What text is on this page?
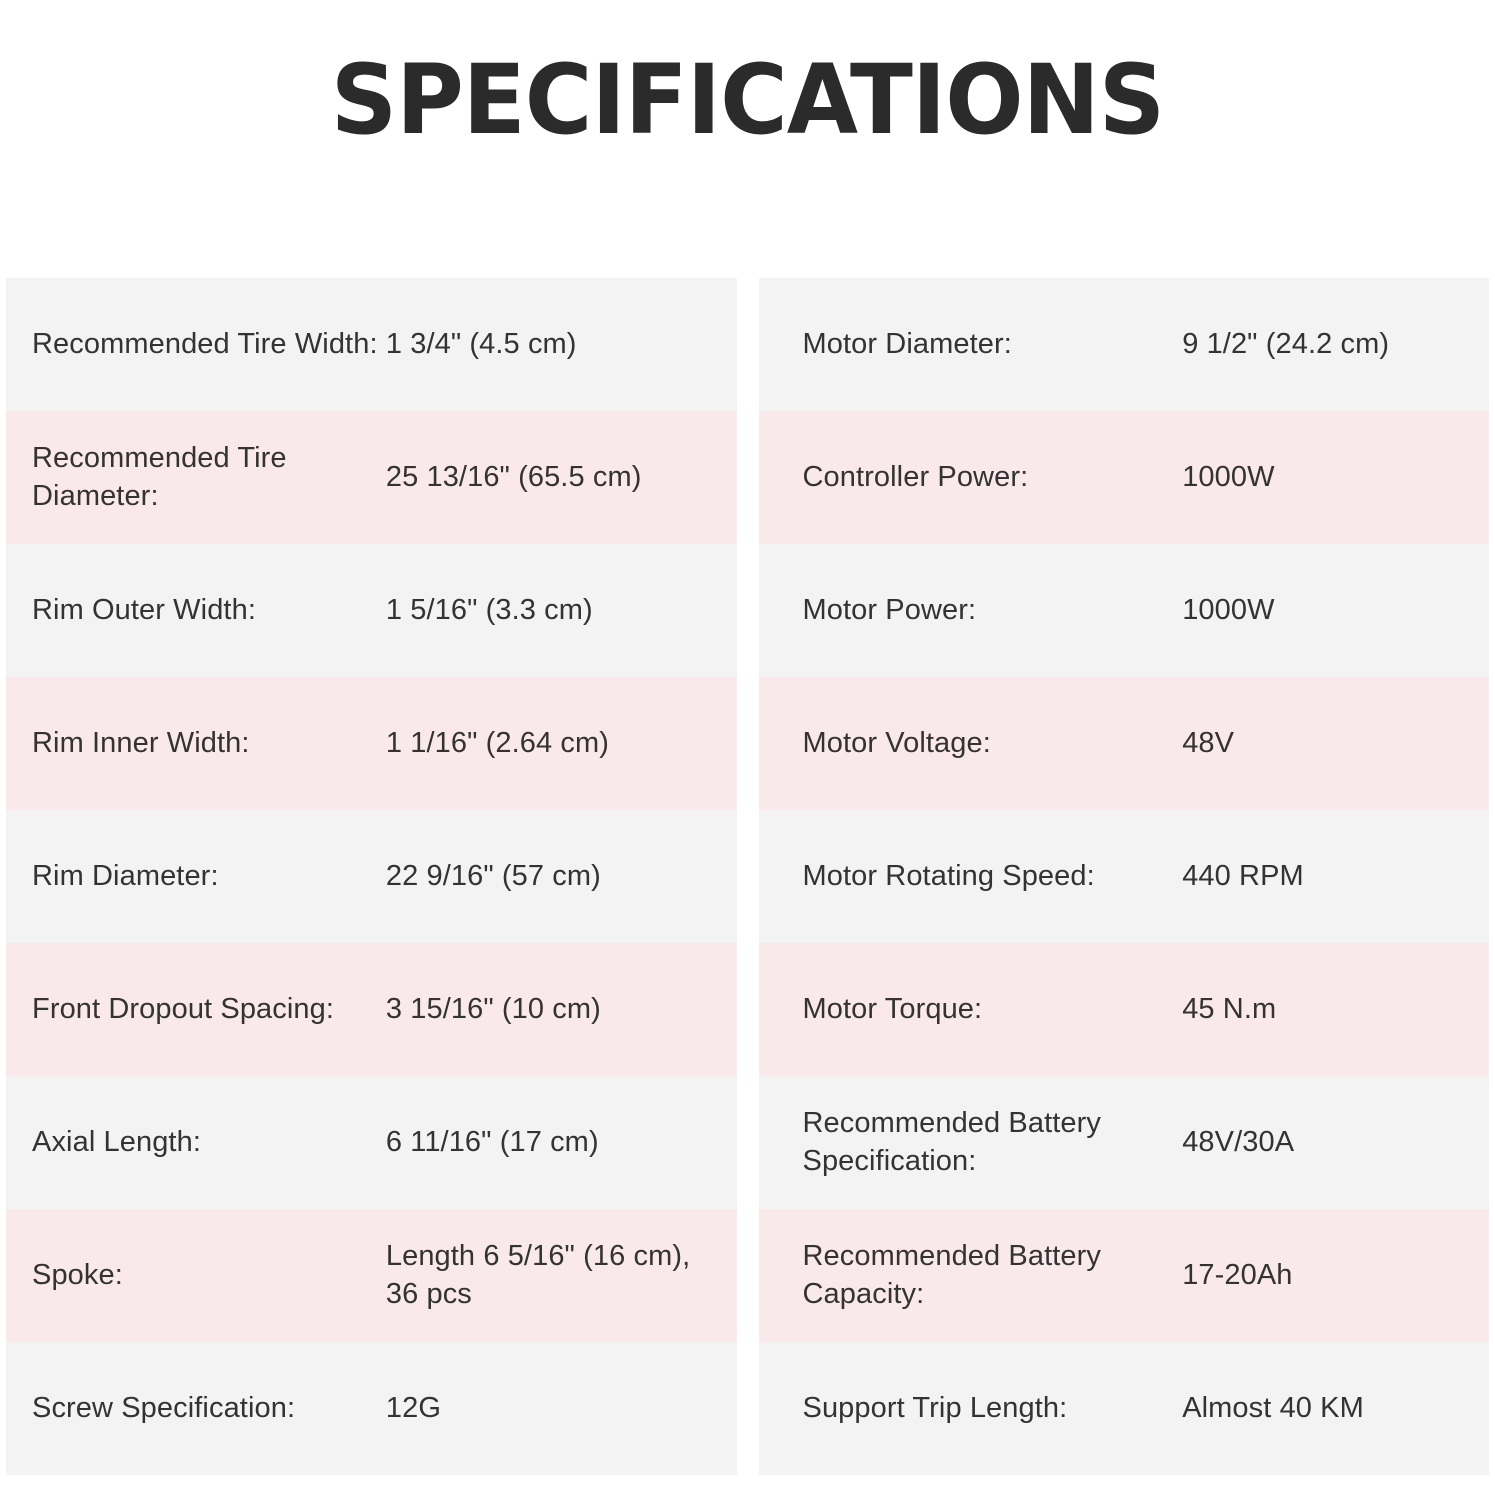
SPECIFICATIONS
Recommended Tire Width: 1 3/4" (4.5 cm)
Recommended Tire Diameter:
25 13/16" (65.5 cm)
Rim Outer Width:	1 5/16" (3.3 cm)
Rim Inner Width:	1 1/16" (2.64 cm)
Rim Diameter:	22 9/16" (57 cm)
Front Dropout Spacing:	3 15/16" (10 cm)
Axial Length:	6 11/16" (17 cm)
Spoke:
Length 6 5/16" (16 cm), 36 pcs
Screw Specification:	12G
Motor Diameter:	9 1/2" (24.2 cm)
Controller Power:	1000W
Motor Power:	1000W
Motor Voltage:	48V
Motor Rotating Speed:	440 RPM
Motor Torque:	45 N.m
Recommended Battery Specification:
48V/30A
Recommended Battery Capacity:
17-20Ah
Support Trip Length:	Almost 40 KM
